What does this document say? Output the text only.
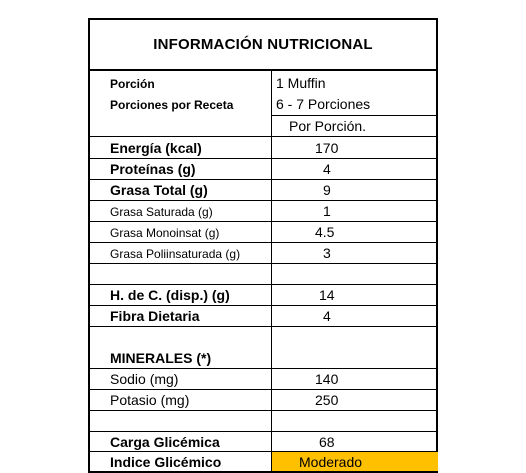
INFORMACIÓN NUTRICIONAL
Porción	1 Muffin
Porciones por Receta	6 - 7 Porciones
Por Porción.
Energía (kcal)	170
Proteínas (g)	4
Grasa Total (g)	9
Grasa Saturada (g)	1
Grasa Monoinsat (g)	4.5
Grasa Poliinsaturada (g)	3
H. de C. (disp.) (g)	14
Fibra Dietaria	4
MINERALES (*)
Sodio (mg)	140
Potasio (mg)	250
Carga Glicémica	68
Indice Glicémico	Moderado
